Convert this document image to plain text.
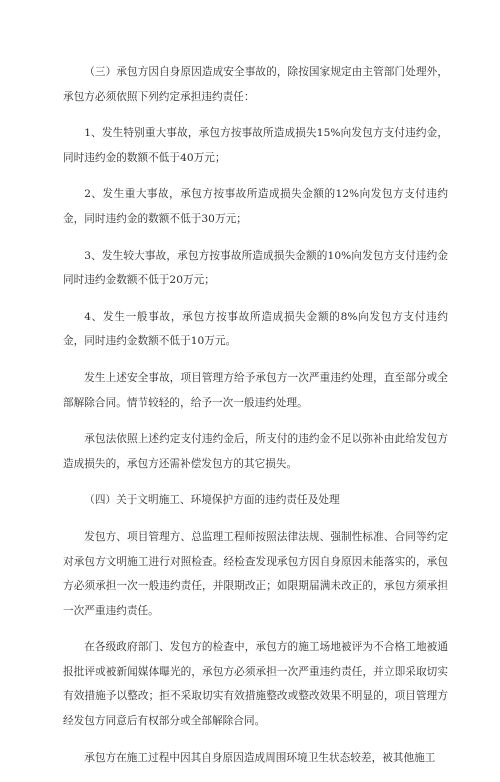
（三）承包方因自身原因造成安全事故的，除按国家规定由主管部门处理外，承包方必须依照下列约定承担违约责任：

1、发生特别重大事故，承包方按事故所造成损失15%向发包方支付违约金，同时违约金的数额不低于40万元；

2、发生重大事故，承包方按事故所造成损失金额的12%向发包方支付违约金，同时违约金的数额不低于30万元；

3、发生较大事故，承包方按事故所造成损失金额的10%向发包方支付违约金同时违约金数额不低于20万元；

4、发生一般事故，承包方按事故所造成损失金额的8%向发包方支付违约金，同时违约金数额不低于10万元。

发生上述安全事故，项目管理方给予承包方一次严重违约处理，直至部分或全部解除合同。情节较轻的，给予一次一般违约处理。

承包法依照上述约定支付违约金后，所支付的违约金不足以弥补由此给发包方造成损失的，承包方还需补偿发包方的其它损失。

（四）关于文明施工、环境保护方面的违约责任及处理

发包方、项目管理方、总监理工程师按照法律法规、强制性标准、合同等约定对承包方文明施工进行对照检查。经检查发现承包方因自身原因未能落实的，承包方必须承担一次一般违约责任，并限期改正；如限期届满未改正的，承包方须承担一次严重违约责任。

在各级政府部门、发包方的检查中，承包方的施工场地被评为不合格工地被通报批评或被新闻媒体曝光的，承包方必须承担一次严重违约责任，并立即采取切实有效措施予以整改；拒不采取切实有效措施整改或整改效果不明显的，项目管理方经发包方同意后有权部分或全部解除合同。

承包方在施工过程中因其自身原因造成周围环境卫生状态较差，被其他施工
